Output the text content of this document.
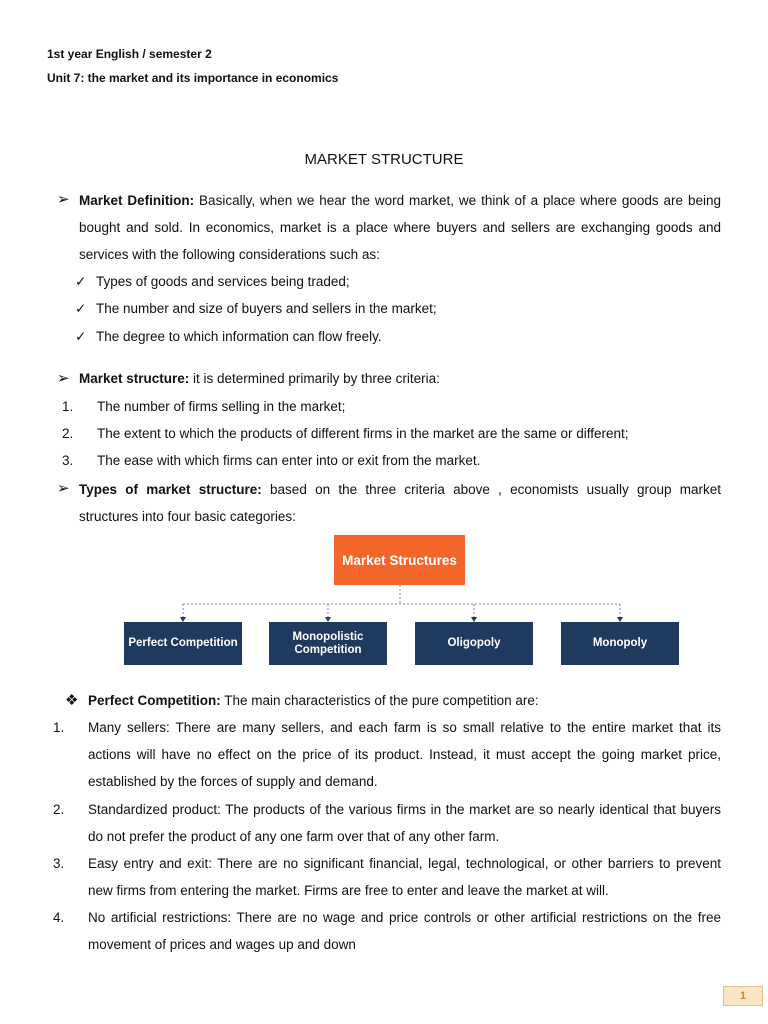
1st year English / semester 2
Unit 7: the market and its importance in economics
MARKET STRUCTURE
➢ Market Definition: Basically, when we hear the word market, we think of a place where goods are being bought and sold. In economics, market is a place where buyers and sellers are exchanging goods and services with the following considerations such as:
✓ Types of goods and services being traded;
✓ The number and size of buyers and sellers in the market;
✓ The degree to which information can flow freely.
➢ Market structure: it is determined primarily by three criteria:
1. The number of firms selling in the market;
2. The extent to which the products of different firms in the market are the same or different;
3. The ease with which firms can enter into or exit from the market.
➢ Types of market structure: based on the three criteria above , economists usually group market structures into four basic categories:
Market Structures
Perfect Competition
Monopolistic Competition
Oligopoly	Monopoly
❖ Perfect Competition: The main characteristics of the pure competition are:
1. Many sellers: There are many sellers, and each farm is so small relative to the entire market that its actions will have no effect on the price of its product. Instead, it must accept the going market price, established by the forces of supply and demand.
2. Standardized product: The products of the various firms in the market are so nearly identical that buyers do not prefer the product of any one farm over that of any other farm.
3. Easy entry and exit: There are no significant financial, legal, technological, or other barriers to prevent new firms from entering the market. Firms are free to enter and leave the market at will.
4. No artificial restrictions: There are no wage and price controls or other artificial restrictions on the free movement of prices and wages up and down
1
